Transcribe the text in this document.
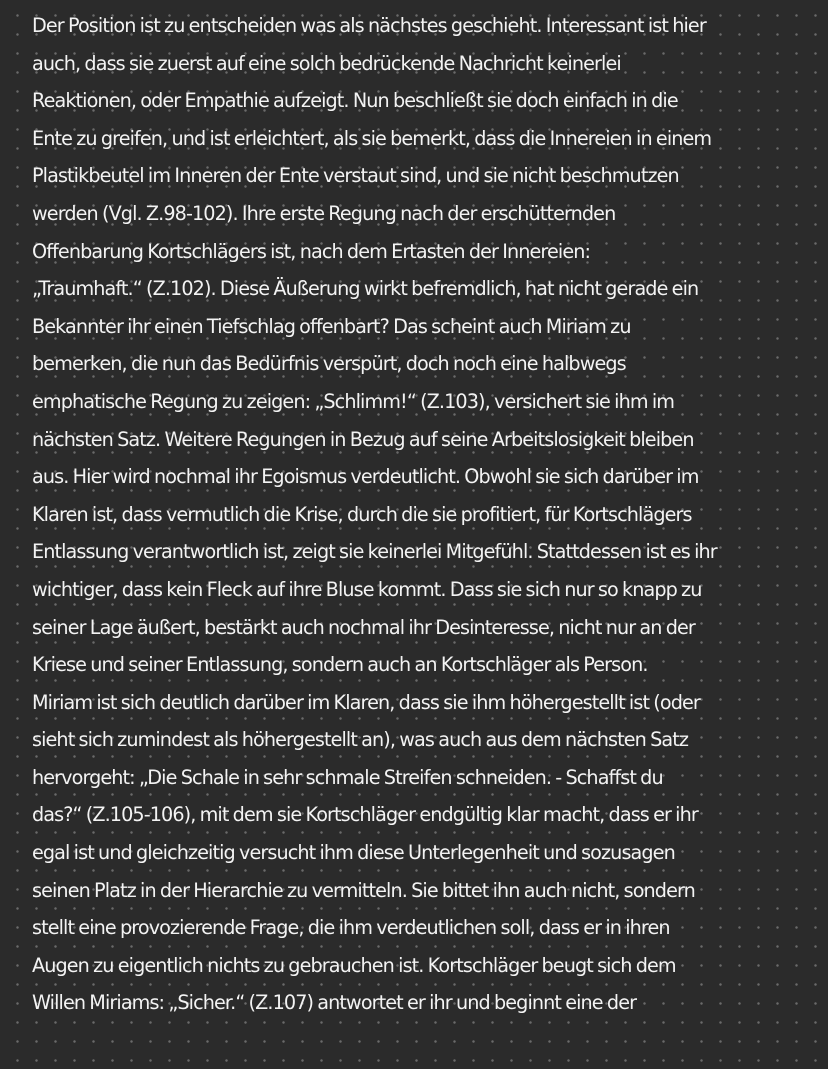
Der Position ist zu entscheiden was als nächstes geschieht. Interessant ist hier
auch, dass sie zuerst auf eine solch bedrückende Nachricht keinerlei
Reaktionen, oder Empathie aufzeigt. Nun beschließt sie doch einfach in die
Ente zu greifen, und ist erleichtert, als sie bemerkt, dass die Innereien in einem
Plastikbeutel im Inneren der Ente verstaut sind, und sie nicht beschmutzen
werden (Vgl. Z.98-102). Ihre erste Regung nach der erschütternden
Offenbarung Kortschlägers ist, nach dem Ertasten der Innereien:
„Traumhaft.“ (Z.102). Diese Äußerung wirkt befremdlich, hat nicht gerade ein
Bekannter ihr einen Tiefschlag offenbart? Das scheint auch Miriam zu
bemerken, die nun das Bedürfnis verspürt, doch noch eine halbwegs
emphatische Regung zu zeigen: „Schlimm!“ (Z.103), versichert sie ihm im
nächsten Satz. Weitere Regungen in Bezug auf seine Arbeitslosigkeit bleiben
aus. Hier wird nochmal ihr Egoismus verdeutlicht. Obwohl sie sich darüber im
Klaren ist, dass vermutlich die Krise, durch die sie profitiert, für Kortschlägers
Entlassung verantwortlich ist, zeigt sie keinerlei Mitgefühl. Stattdessen ist es ihr
wichtiger, dass kein Fleck auf ihre Bluse kommt. Dass sie sich nur so knapp zu
seiner Lage äußert, bestärkt auch nochmal ihr Desinteresse, nicht nur an der
Kriese und seiner Entlassung, sondern auch an Kortschläger als Person.
Miriam ist sich deutlich darüber im Klaren, dass sie ihm höhergestellt ist (oder
sieht sich zumindest als höhergestellt an), was auch aus dem nächsten Satz
hervorgeht: „Die Schale in sehr schmale Streifen schneiden. - Schaffst du
das?“ (Z.105-106), mit dem sie Kortschläger endgültig klar macht, dass er ihr
egal ist und gleichzeitig versucht ihm diese Unterlegenheit und sozusagen
seinen Platz in der Hierarchie zu vermitteln. Sie bittet ihn auch nicht, sondern
stellt eine provozierende Frage, die ihm verdeutlichen soll, dass er in ihren
Augen zu eigentlich nichts zu gebrauchen ist. Kortschläger beugt sich dem
Willen Miriams: „Sicher.“ (Z.107) antwortet er ihr und beginnt eine der
